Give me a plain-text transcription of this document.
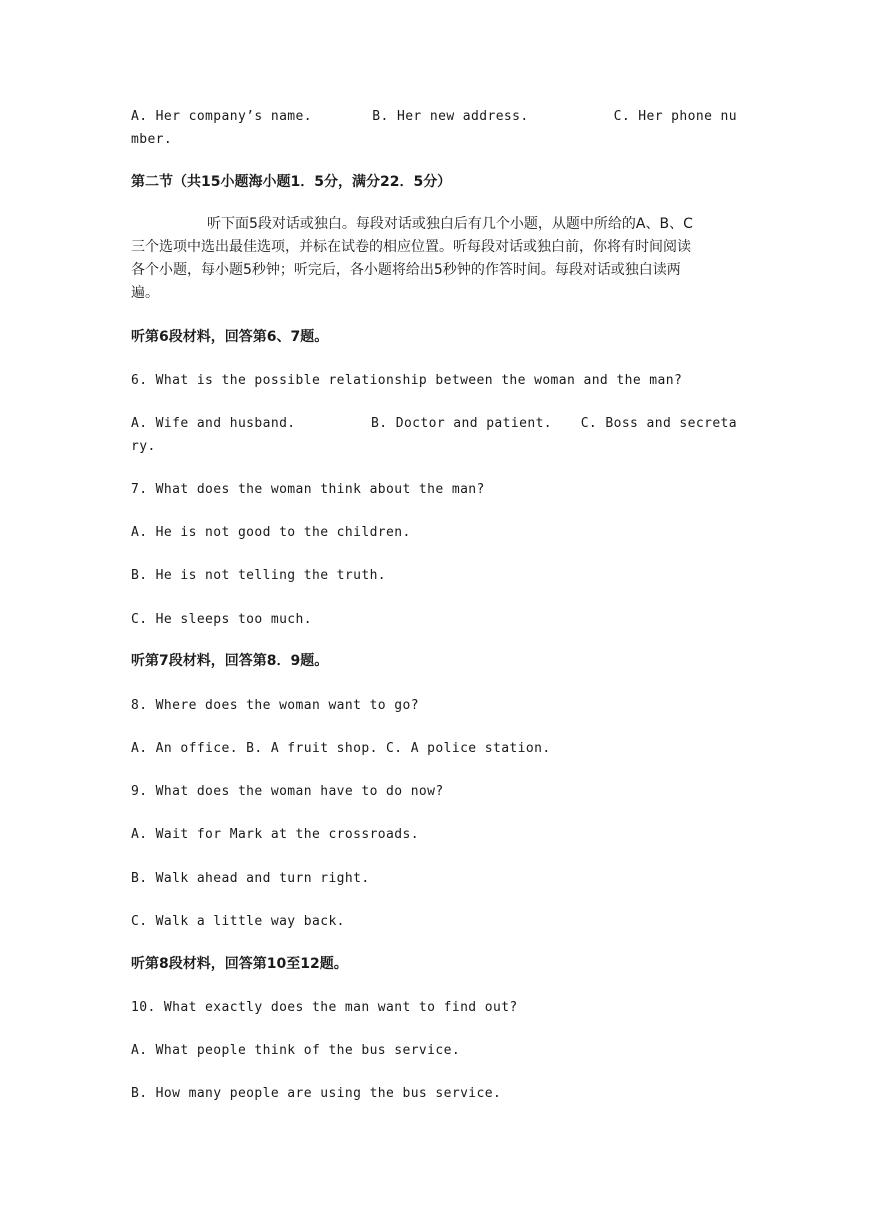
A. Her company’s name.	B. Her new address.	C. Her phone nu
mber.
第二节（共15小题海小题1．5分，满分22．5分）
听下面5段对话或独白。每段对话或独白后有几个小题，从题中所给的A、B、C
三个选项中选出最佳选项，并标在试卷的相应位置。听每段对话或独白前，你将有时间阅读
各个小题，每小题5秒钟；听完后，各小题将给出5秒钟的作答时间。每段对话或独白读两
遍。
听第6段材料，回答第6、7题。
6. What is the possible relationship between the woman and the man?
A. Wife and husband.	B. Doctor and patient.	C. Boss and secreta
ry.
7. What does the woman think about the man?
A. He is not good to the children.
B. He is not telling the truth.
C. He sleeps too much.
听第7段材料，回答第8．9题。
8. Where does the woman want to go?
A. An office. B. A fruit shop. C. A police station.
9. What does the woman have to do now?
A. Wait for Mark at the crossroads.
B. Walk ahead and turn right.
C. Walk a little way back.
听第8段材料，回答第10至12题。
10. What exactly does the man want to find out?
A. What people think of the bus service.
B. How many people are using the bus service.
